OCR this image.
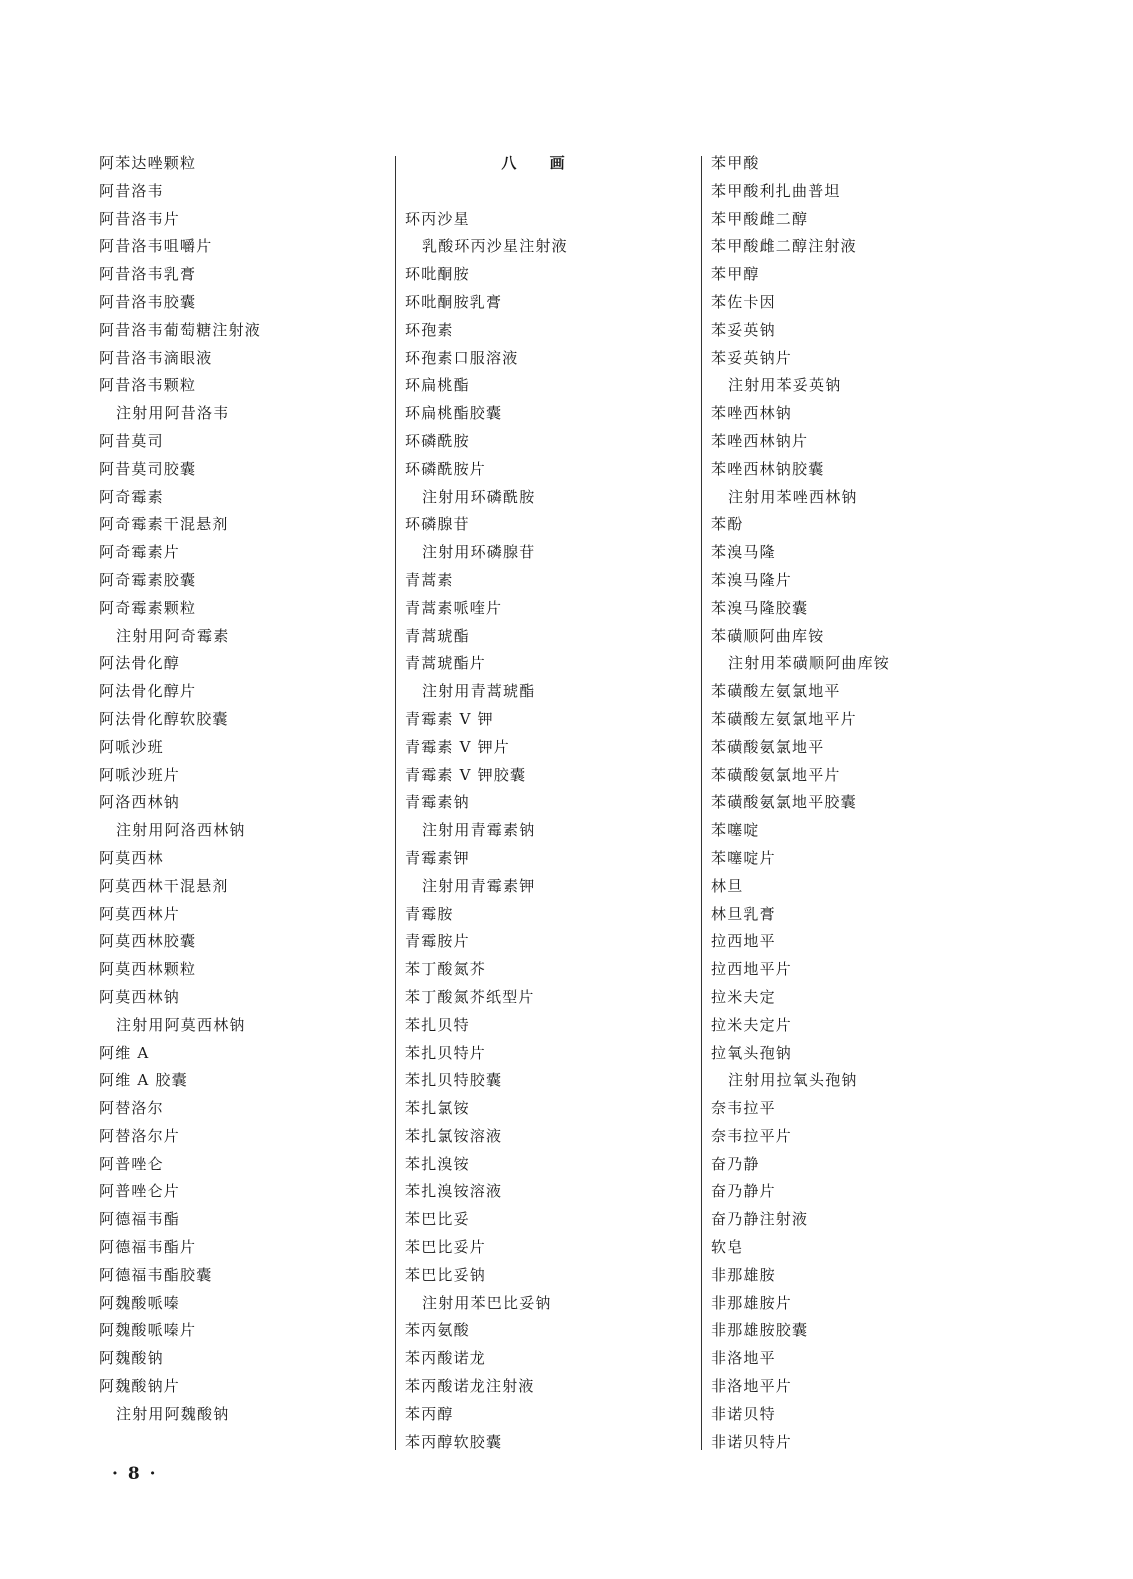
阿苯达唑颗粒
阿昔洛韦
阿昔洛韦片
阿昔洛韦咀嚼片
阿昔洛韦乳膏
阿昔洛韦胶囊
阿昔洛韦葡萄糖注射液
阿昔洛韦滴眼液
阿昔洛韦颗粒
注射用阿昔洛韦
阿昔莫司
阿昔莫司胶囊
阿奇霉素
阿奇霉素干混悬剂
阿奇霉素片
阿奇霉素胶囊
阿奇霉素颗粒
注射用阿奇霉素
阿法骨化醇
阿法骨化醇片
阿法骨化醇软胶囊
阿哌沙班
阿哌沙班片
阿洛西林钠
注射用阿洛西林钠
阿莫西林
阿莫西林干混悬剂
阿莫西林片
阿莫西林胶囊
阿莫西林颗粒
阿莫西林钠
注射用阿莫西林钠
阿维 A
阿维 A 胶囊
阿替洛尔
阿替洛尔片
阿普唑仑
阿普唑仑片
阿德福韦酯
阿德福韦酯片
阿德福韦酯胶囊
阿魏酸哌嗪
阿魏酸哌嗪片
阿魏酸钠
阿魏酸钠片
注射用阿魏酸钠
八 画
环丙沙星
乳酸环丙沙星注射液
环吡酮胺
环吡酮胺乳膏
环孢素
环孢素口服溶液
环扁桃酯
环扁桃酯胶囊
环磷酰胺
环磷酰胺片
注射用环磷酰胺
环磷腺苷
注射用环磷腺苷
青蒿素
青蒿素哌喹片
青蒿琥酯
青蒿琥酯片
注射用青蒿琥酯
青霉素 V 钾
青霉素 V 钾片
青霉素 V 钾胶囊
青霉素钠
注射用青霉素钠
青霉素钾
注射用青霉素钾
青霉胺
青霉胺片
苯丁酸氮芥
苯丁酸氮芥纸型片
苯扎贝特
苯扎贝特片
苯扎贝特胶囊
苯扎氯铵
苯扎氯铵溶液
苯扎溴铵
苯扎溴铵溶液
苯巴比妥
苯巴比妥片
苯巴比妥钠
注射用苯巴比妥钠
苯丙氨酸
苯丙酸诺龙
苯丙酸诺龙注射液
苯丙醇
苯丙醇软胶囊
苯甲酸
苯甲酸利扎曲普坦
苯甲酸雌二醇
苯甲酸雌二醇注射液
苯甲醇
苯佐卡因
苯妥英钠
苯妥英钠片
注射用苯妥英钠
苯唑西林钠
苯唑西林钠片
苯唑西林钠胶囊
注射用苯唑西林钠
苯酚
苯溴马隆
苯溴马隆片
苯溴马隆胶囊
苯磺顺阿曲库铵
注射用苯磺顺阿曲库铵
苯磺酸左氨氯地平
苯磺酸左氨氯地平片
苯磺酸氨氯地平
苯磺酸氨氯地平片
苯磺酸氨氯地平胶囊
苯噻啶
苯噻啶片
林旦
林旦乳膏
拉西地平
拉西地平片
拉米夫定
拉米夫定片
拉氧头孢钠
注射用拉氧头孢钠
奈韦拉平
奈韦拉平片
奋乃静
奋乃静片
奋乃静注射液
软皂
非那雄胺
非那雄胺片
非那雄胺胶囊
非洛地平
非洛地平片
非诺贝特
非诺贝特片
· 8 ·
